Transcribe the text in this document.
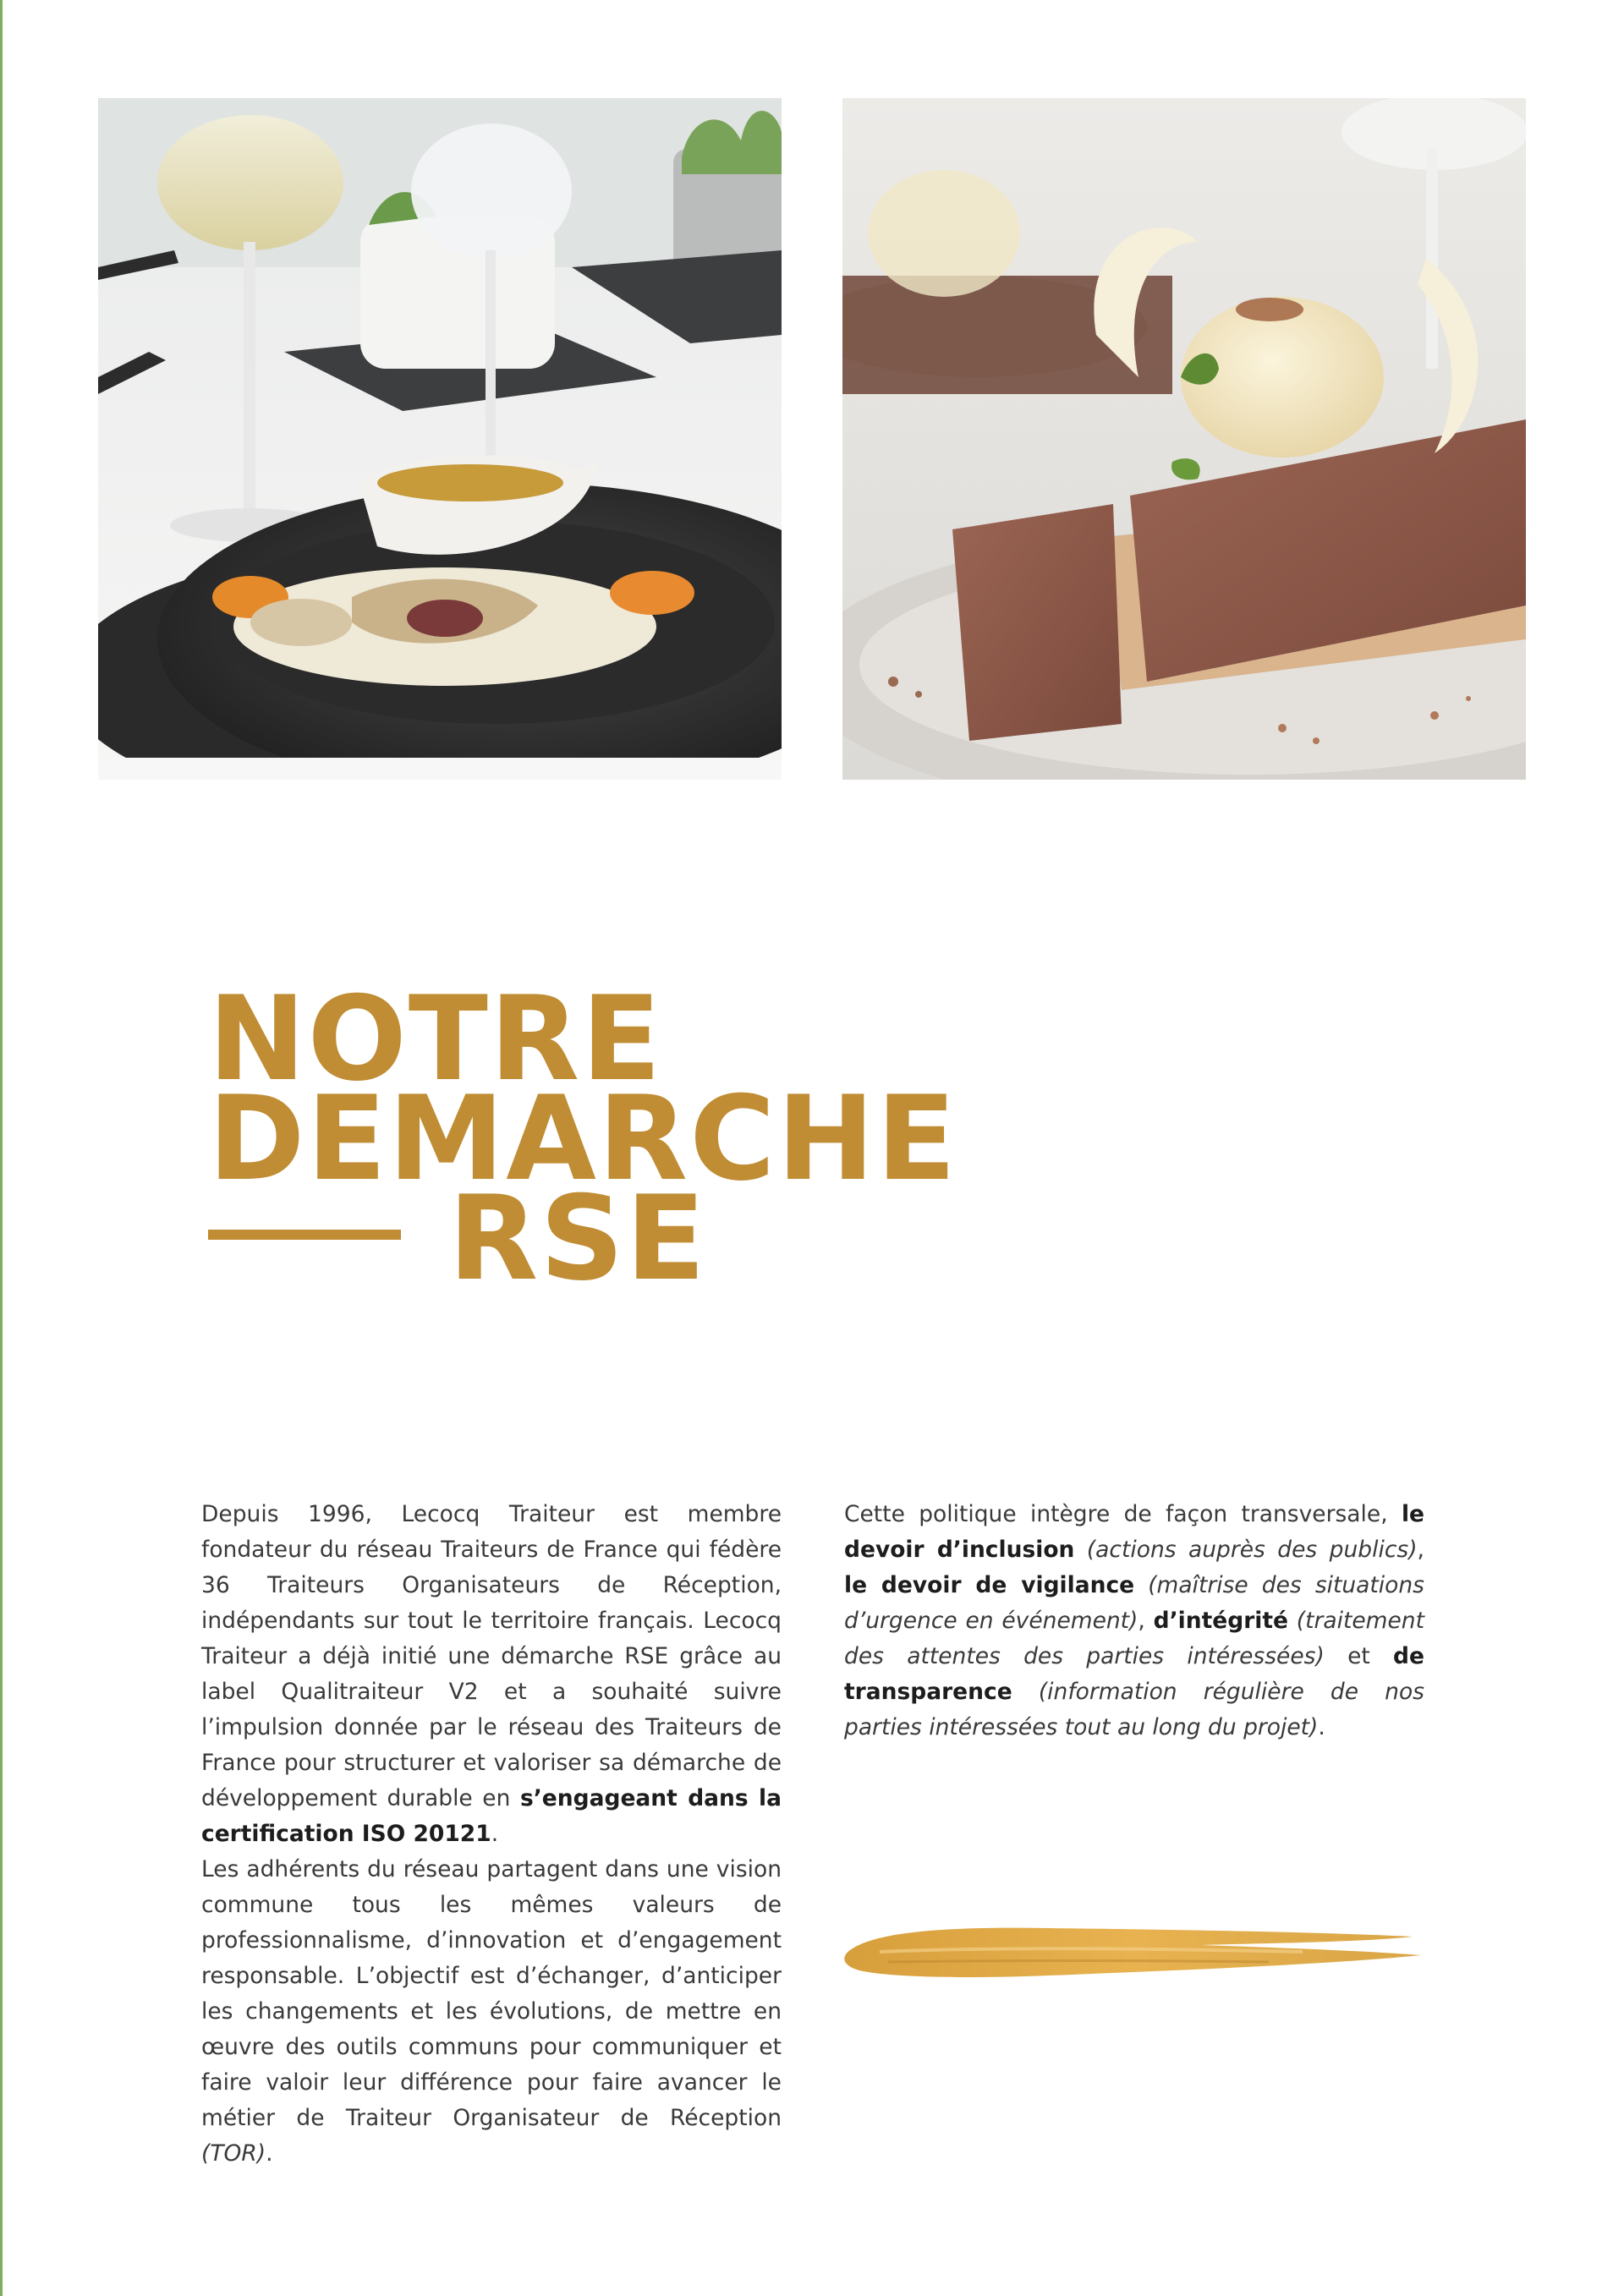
NOTRE
DEMARCHE
RSE
Depuis 1996, Lecocq Traiteur est membre fondateur du réseau Traiteurs de France qui fédère 36 Traiteurs Organisateurs de Réception, indépendants sur tout le territoire français. Lecocq Traiteur a déjà initié une démarche RSE grâce au label Qualitraiteur V2 et a souhaité suivre l’impulsion donnée par le réseau des Traiteurs de France pour structurer et valoriser sa démarche de développement durable en s’engageant dans la certification ISO 20121.
Les adhérents du réseau partagent dans une vision commune tous les mêmes valeurs de professionnalisme, d’innovation et d’engagement responsable. L’objectif est d’échanger, d’anticiper les changements et les évolutions, de mettre en œuvre des outils communs pour communiquer et faire valoir leur différence pour faire avancer le métier de Traiteur Organisateur de Réception (TOR).
Cette politique intègre de façon transversale, le devoir d’inclusion (actions auprès des publics), le devoir de vigilance (maîtrise des situations d’urgence en événement), d’intégrité (traitement des attentes des parties intéressées) et de transparence (information régulière de nos parties intéressées tout au long du projet).
